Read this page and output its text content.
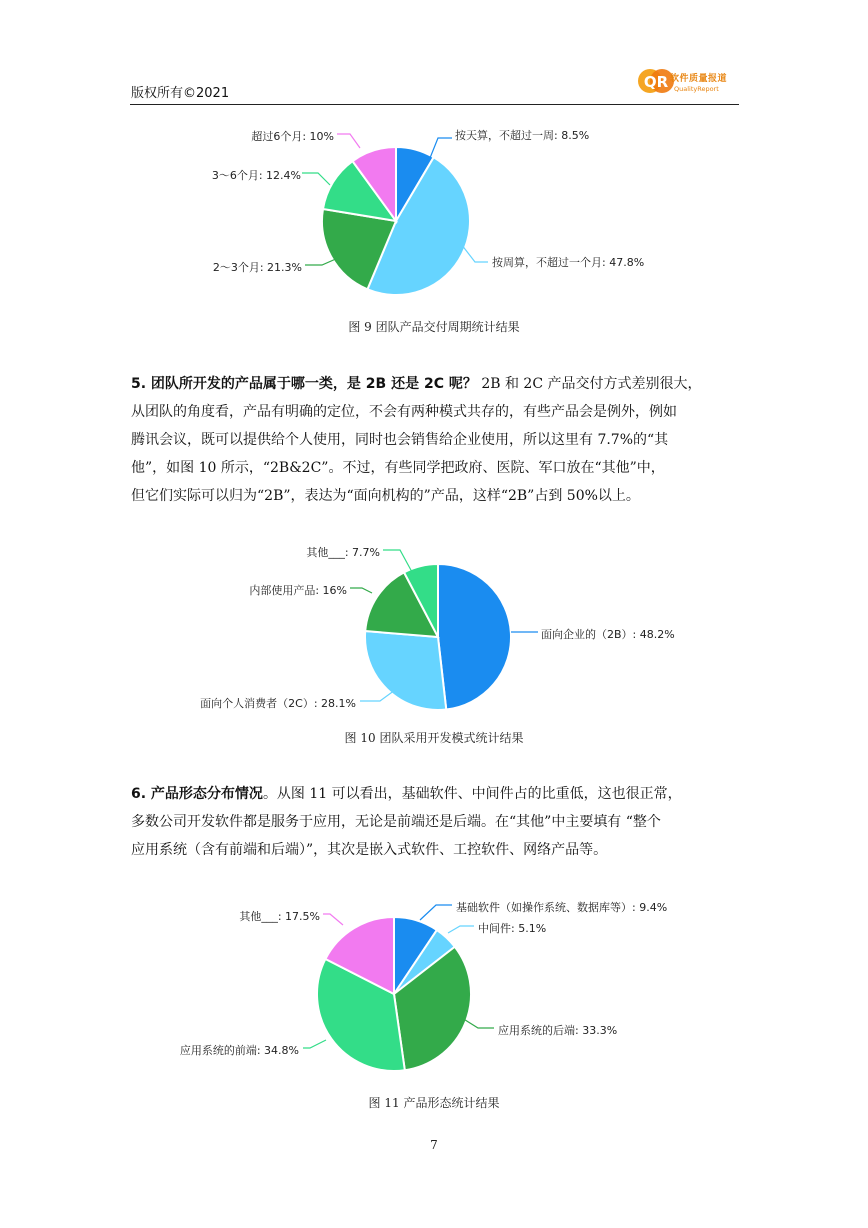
版权所有©2021
QR 软件质量报道
QualityReport
按天算，不超过一周: 8.5%
按周算，不超过一个月: 47.8%
2～3个月: 21.3%
3～6个月: 12.4%
超过6个月: 10%
图 9 团队产品交付周期统计结果
5. 团队所开发的产品属于哪一类，是 2B 还是 2C 呢？ 2B 和 2C 产品交付方式差别很大，
从团队的角度看，产品有明确的定位，不会有两种模式共存的，有些产品会是例外，例如
腾讯会议，既可以提供给个人使用，同时也会销售给企业使用，所以这里有 7.7%的“其
他”，如图 10 所示，“2B&2C”。不过，有些同学把政府、医院、军口放在“其他”中，
但它们实际可以归为“2B”，表达为“面向机构的”产品，这样“2B”占到 50%以上。
面向企业的（2B）: 48.2%
面向个人消费者（2C）: 28.1%
内部使用产品: 16%
其他___: 7.7%
图 10 团队采用开发模式统计结果
6. 产品形态分布情况。从图 11 可以看出，基础软件、中间件占的比重低，这也很正常，
多数公司开发软件都是服务于应用，无论是前端还是后端。在“其他”中主要填有 “整个
应用系统（含有前端和后端）”，其次是嵌入式软件、工控软件、网络产品等。
基础软件（如操作系统、数据库等）: 9.4%
中间件: 5.1%
应用系统的后端: 33.3%
应用系统的前端: 34.8%
其他___: 17.5%
图 11 产品形态统计结果
7
